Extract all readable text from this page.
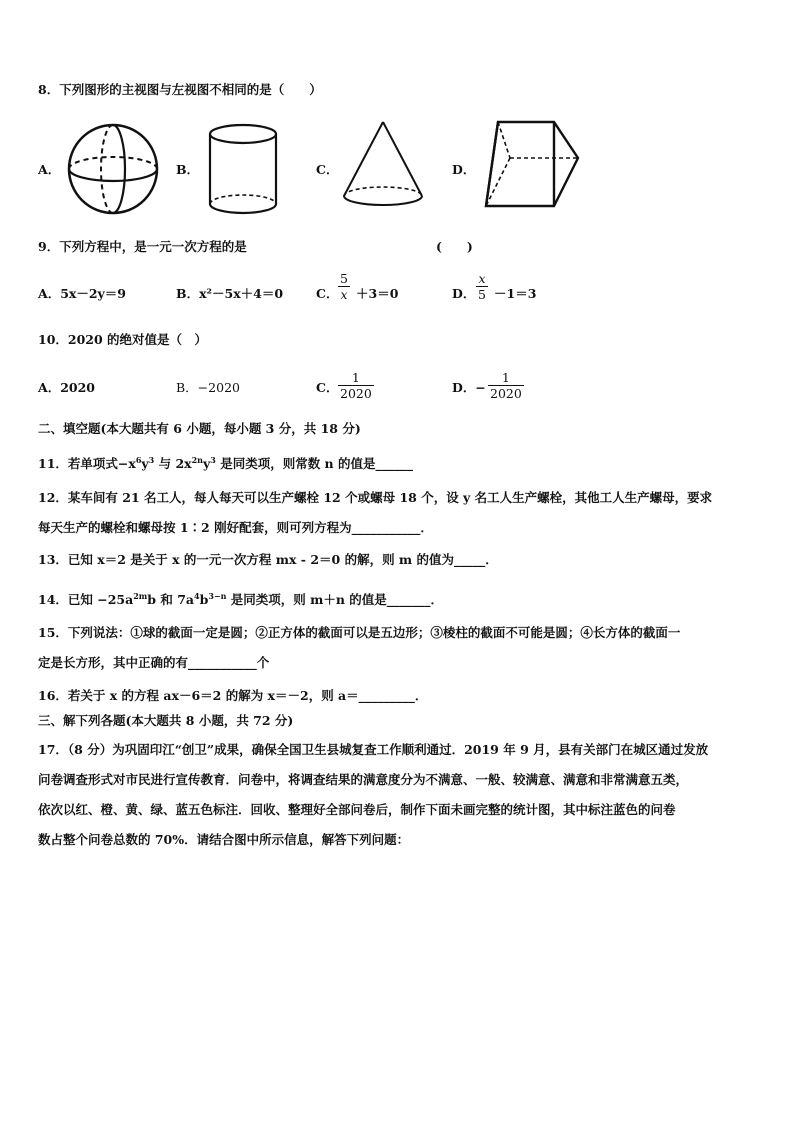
8．下列图形的主视图与左视图不相同的是（　　）
A．	B．	C．	D．
9．下列方程中，是一元一次方程的是	(　　)
A．5x－2y＝9	B．x²－5x＋4＝0	C． $\frac{5}{x} +3=0$	D． $\frac{x}{5} -1=3$
10．2020 的绝对值是（　）
A．2020	B．−2020	C． $\frac{1}{2020}$	D．− $\frac{1}{2020}$
二、填空题(本大题共有 6 小题，每小题 3 分，共 18 分)
11．若单项式$-x^6y^3$ 与 $2x^{2n}y^3$ 是同类项，则常数 n 的值是______
12．某车间有 21 名工人，每人每天可以生产螺栓 12 个或螺母 18 个，设 y 名工人生产螺栓，其他工人生产螺母，要求
每天生产的螺栓和螺母按 1∶2 刚好配套，则可列方程为___________．
13．已知 x＝2 是关于 x 的一元一次方程 mx - 2＝0 的解，则 m 的值为_____．
14．已知 $-25a^{2m}b$ 和 $7a^4b^{3-n}$ 是同类项，则 m＋n 的值是_______．
15．下列说法：①球的截面一定是圆；②正方体的截面可以是五边形；③棱柱的截面不可能是圆；④长方体的截面一
定是长方形，其中正确的有___________个
16．若关于 x 的方程 ax－6＝2 的解为 x＝－2，则 a＝_________．
三、解下列各题(本大题共 8 小题，共 72 分)
17．（8 分）为巩固印江“创卫”成果，确保全国卫生县城复查工作顺利通过．2019 年 9 月，县有关部门在城区通过发放
问卷调查形式对市民进行宣传教育．问卷中，将调查结果的满意度分为不满意、一般、较满意、满意和非常满意五类，
依次以红、橙、黄、绿、蓝五色标注．回收、整理好全部问卷后，制作下面未画完整的统计图，其中标注蓝色的问卷
数占整个问卷总数的 70%．请结合图中所示信息，解答下列问题：
